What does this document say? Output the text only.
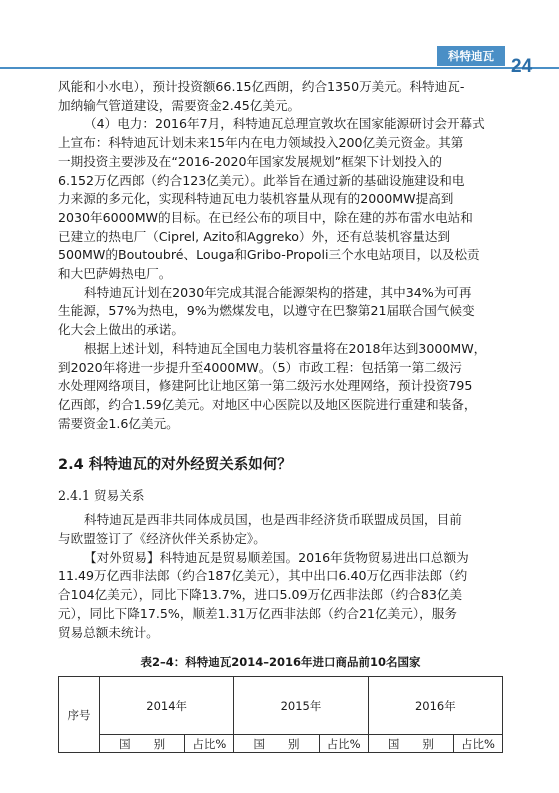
科特迪瓦 24

风能和小水电），预计投资额66.15亿西朗，约合1350万美元。科特迪瓦-
加纳输气管道建设，需要资金2.45亿美元。

（4）电力：2016年7月，科特迪瓦总理宣敦坎在国家能源研讨会开幕式
上宣布：科特迪瓦计划未来15年内在电力领域投入200亿美元资金。其第
一期投资主要涉及在“2016-2020年国家发展规划”框架下计划投入的
6.152万亿西郎（约合123亿美元）。此举旨在通过新的基础设施建设和电
力来源的多元化，实现科特迪瓦电力装机容量从现有的2000MW提高到
2030年6000MW的目标。在已经公布的项目中，除在建的苏布雷水电站和
已建立的热电厂（Ciprel, Azito和Aggreko）外，还有总装机容量达到
500MW的Boutoubré、Louga和Gribo-Propoli三个水电站项目，以及松贡
和大巴萨姆热电厂。

科特迪瓦计划在2030年完成其混合能源架构的搭建，其中34%为可再
生能源，57%为热电，9%为燃煤发电，以遵守在巴黎第21届联合国气候变
化大会上做出的承诺。

根据上述计划，科特迪瓦全国电力装机容量将在2018年达到3000MW，
到2020年将进一步提升至4000MW。（5）市政工程：包括第一第二级污
水处理网络项目，修建阿比让地区第一第二级污水处理网络，预计投资795
亿西郎，约合1.59亿美元。对地区中心医院以及地区医院进行重建和装备，
需要资金1.6亿美元。

2.4 科特迪瓦的对外经贸关系如何？
2.4.1 贸易关系

科特迪瓦是西非共同体成员国，也是西非经济货币联盟成员国，目前
与欧盟签订了《经济伙伴关系协定》。

【对外贸易】科特迪瓦是贸易顺差国。2016年货物贸易进出口总额为
11.49万亿西非法郎（约合187亿美元），其中出口6.40万亿西非法郎（约
合104亿美元），同比下降13.7%，进口5.09万亿西非法郎（约合83亿美
元），同比下降17.5%，顺差1.31万亿西非法郎（约合21亿美元），服务
贸易总额未统计。

表2–4：科特迪瓦2014–2016年进口商品前10名国家
序号	2014年		2015年		2016年	
	国　　别	占比%	国　　别	占比%	国　　别	占比%
